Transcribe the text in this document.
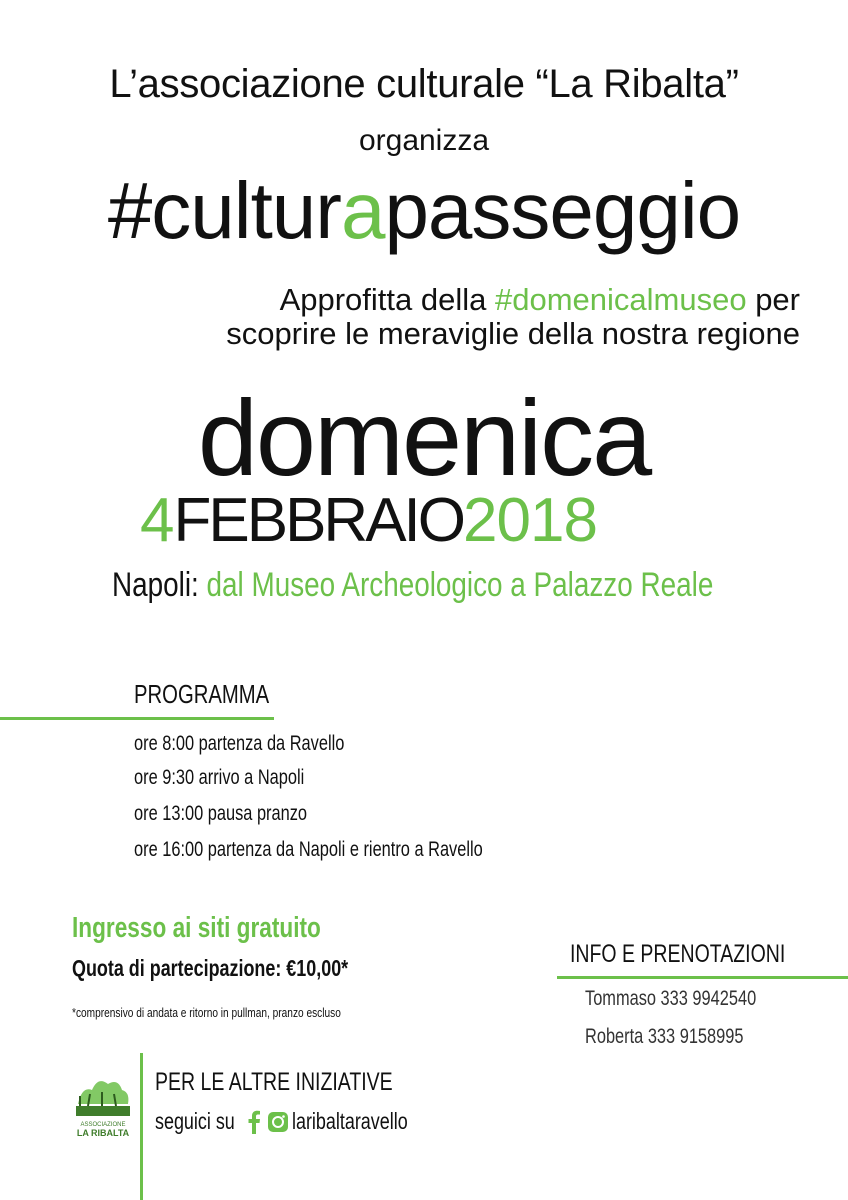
L’associazione culturale “La Ribalta”
organizza
#culturapasseggio
Approfitta della #domenicalmuseo per
scoprire le meraviglie della nostra regione
domenica
4FEBBRAIO2018
Napoli: dal Museo Archeologico a Palazzo Reale
PROGRAMMA
ore 8:00 partenza da Ravello
ore 9:30 arrivo a Napoli
ore 13:00 pausa pranzo
ore 16:00 partenza da Napoli e rientro a Ravello
Ingresso ai siti gratuito
Quota di partecipazione: €10,00*
*comprensivo di andata e ritorno in pullman, pranzo escluso
INFO E PRENOTAZIONI
Tommaso 333 9942540
Roberta 333 9158995
ASSOCIAZIONE
LA RIBALTA
PER LE ALTRE INIZIATIVE
seguici su laribaltaravello
